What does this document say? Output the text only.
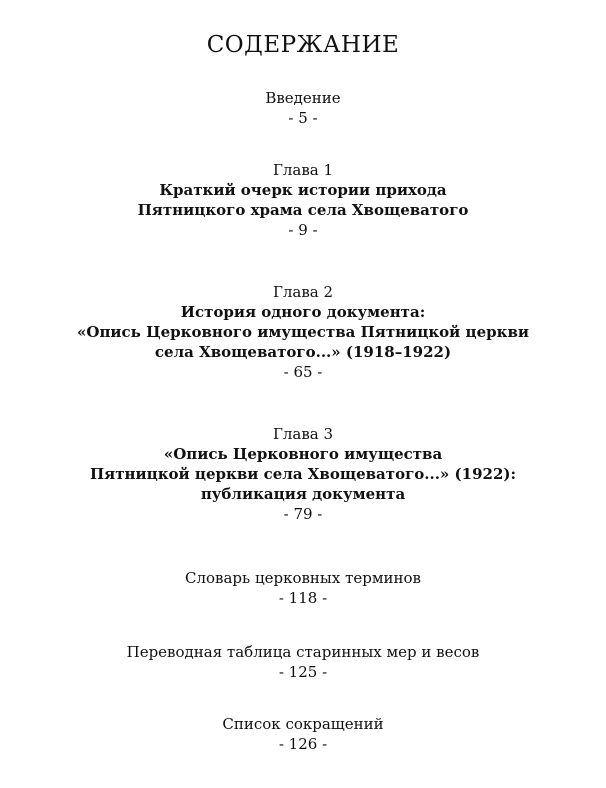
СОДЕРЖАНИЕ
Введение
- 5 -
Глава 1
Краткий очерк истории прихода
Пятницкого храма села Хвощеватого
- 9 -
Глава 2
История одного документа:
«Опись Церковного имущества Пятницкой церкви
села Хвощеватого...» (1918–1922)
- 65 -
Глава 3
«Опись Церковного имущества
Пятницкой церкви села Хвощеватого...» (1922):
публикация документа
- 79 -
Словарь церковных терминов
- 118 -
Переводная таблица старинных мер и весов
- 125 -
Список сокращений
- 126 -
